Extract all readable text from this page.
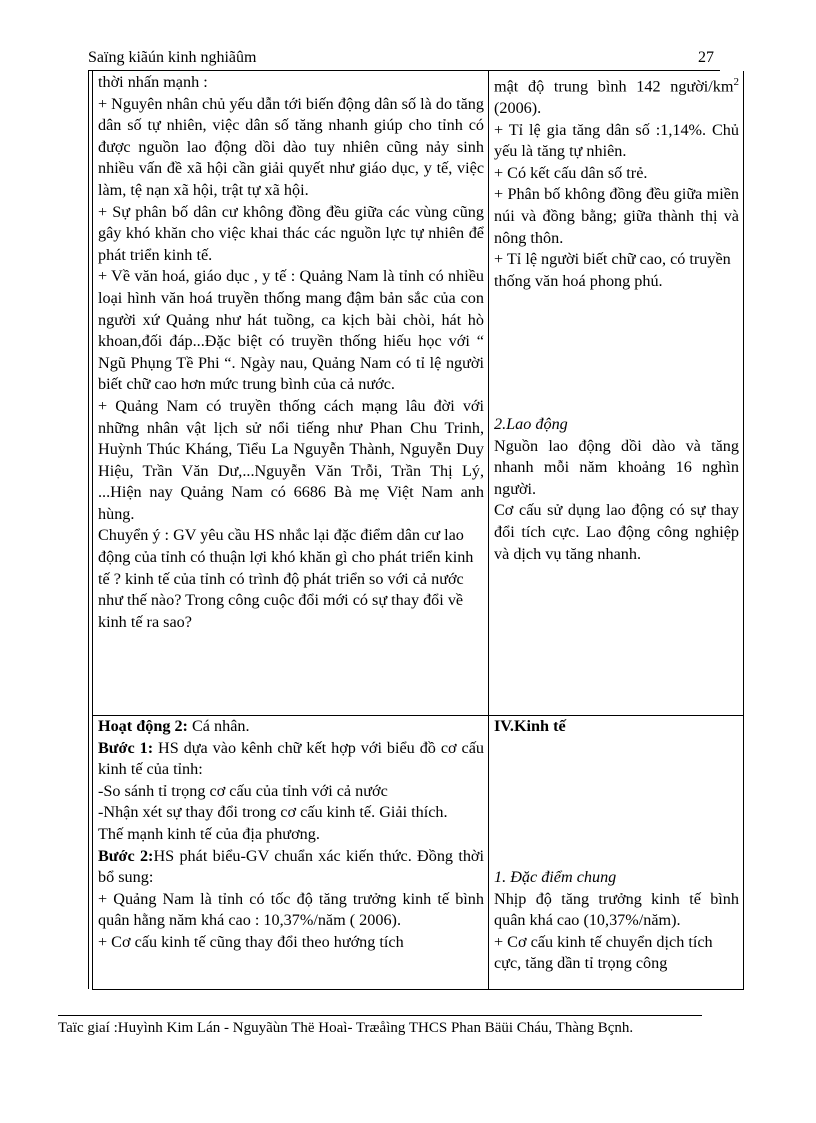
Saïng kiãún kinh nghiãûm	27

thời nhấn mạnh :

+ Nguyên nhân chủ yếu dẫn tới biến động dân số là do tăng dân số tự nhiên, việc dân số tăng nhanh giúp cho tỉnh có được nguồn lao động dồi dào tuy nhiên cũng nảy sinh nhiều vấn đề xã hội cần giải quyết như giáo dục, y tế, việc làm, tệ nạn xã hội, trật tự xã hội.

+ Sự phân bố dân cư không đồng đều giữa các vùng cũng gây khó khăn cho việc khai thác các nguồn lực tự nhiên để phát triển kinh tế.

+ Về văn hoá, giáo dục , y tế : Quảng Nam là tỉnh có nhiều loại hình văn hoá truyền thống mang đậm bản sắc của con người xứ Quảng như hát tuồng, ca kịch bài chòi, hát hò khoan,đối đáp...Đặc biệt có truyền thống hiếu học với “ Ngũ Phụng Tề Phi “. Ngày nau, Quảng Nam có tỉ lệ người biết chữ cao hơn mức trung bình của cả nước.

+ Quảng Nam có truyền thống cách mạng lâu đời với những nhân vật lịch sử nổi tiếng như Phan Chu Trinh, Huỳnh Thúc Kháng, Tiểu La Nguyễn Thành, Nguyễn Duy Hiệu, Trần Văn Dư,...Nguyễn Văn Trỗi, Trần Thị Lý, ...Hiện nay Quảng Nam có 6686 Bà mẹ Việt Nam anh hùng.

Chuyển ý : GV yêu cầu HS nhắc lại đặc điểm dân cư lao động của tỉnh có thuận lợi khó khăn gì cho phát triển kinh tế ? kinh tế của tỉnh có trình độ phát triển so với cả nước như thế nào? Trong công cuộc đổi mới có sự thay đổi về kinh tế ra sao?

Hoạt động 2: Cá nhân.

Bước 1: HS dựa vào kênh chữ kết hợp với biểu đồ cơ cấu kinh tế của tỉnh:

-So sánh tỉ trọng cơ cấu của tỉnh với cả nước

-Nhận xét sự thay đổi trong cơ cấu kinh tế. Giải thích.

Thế mạnh kinh tế của địa phương.

Bước 2:HS phát biểu-GV chuẩn xác kiến thức. Đồng thời bổ sung:

+ Quảng Nam là tỉnh có tốc độ tăng trưởng kinh tế bình quân hằng năm khá cao : 10,37%/năm ( 2006).

+ Cơ cấu kinh tế cũng thay đổi theo hướng tích

mật độ trung bình 142 người/$km^2$ (2006).

+ Tỉ lệ gia tăng dân số :1,14%. Chủ yếu là tăng tự nhiên.

+ Có kết cấu dân số trẻ.

+ Phân bố không đồng đều giữa miền núi và đồng bằng; giữa thành thị và nông thôn.

+ Tỉ lệ người biết chữ cao, có truyền thống văn hoá phong phú.

2.Lao động

Nguồn lao động dồi dào và tăng nhanh mỗi năm khoảng 16 nghìn người.

Cơ cấu sử dụng lao động có sự thay đổi tích cực. Lao động công nghiệp và dịch vụ tăng nhanh.

IV.Kinh tế

1. Đặc điểm chung

Nhịp độ tăng trưởng kinh tế bình quân khá cao (10,37%/năm).

+ Cơ cấu kinh tế chuyển dịch tích cực, tăng dần tỉ trọng công

Taïc giaí :Huyình Kim Lán - Nguyãùn Thë Hoaì- Træåìng THCS Phan Bäüi Cháu, Thàng Bçnh.
